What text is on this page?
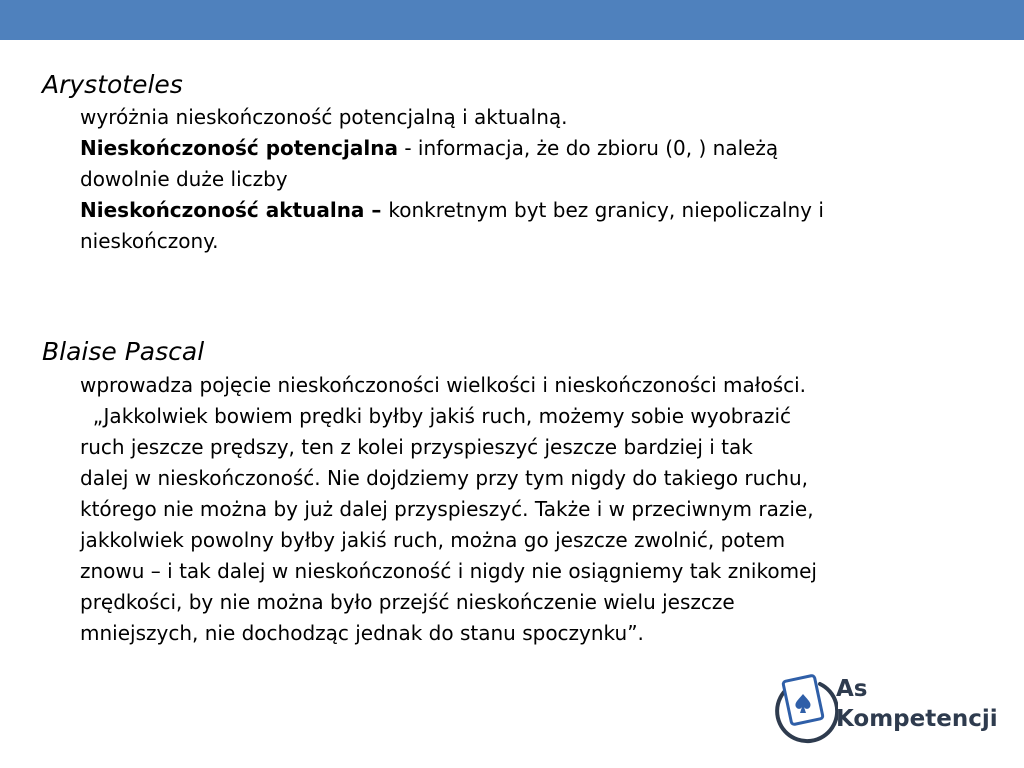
Arystoteles

wyróżnia nieskończoność potencjalną i aktualną.

Nieskończoność potencjalna - informacja, że do zbioru (0, ) należą

dowolnie duże liczby

Nieskończoność aktualna – konkretnym byt bez granicy, niepoliczalny i

nieskończony.

Blaise Pascal

wprowadza pojęcie nieskończoności wielkości i nieskończoności małości.

„Jakkolwiek bowiem prędki byłby jakiś ruch, możemy sobie wyobrazić

ruch jeszcze prędszy, ten z kolei przyspieszyć jeszcze bardziej i tak

dalej w nieskończoność. Nie dojdziemy przy tym nigdy do takiego ruchu,

którego nie można by już dalej przyspieszyć. Także i w przeciwnym razie,

jakkolwiek powolny byłby jakiś ruch, można go jeszcze zwolnić, potem

znowu – i tak dalej w nieskończoność i nigdy nie osiągniemy tak znikomej

prędkości, by nie można było przejść nieskończenie wielu jeszcze

mniejszych, nie dochodząc jednak do stanu spoczynku”.

As
Kompetencji
